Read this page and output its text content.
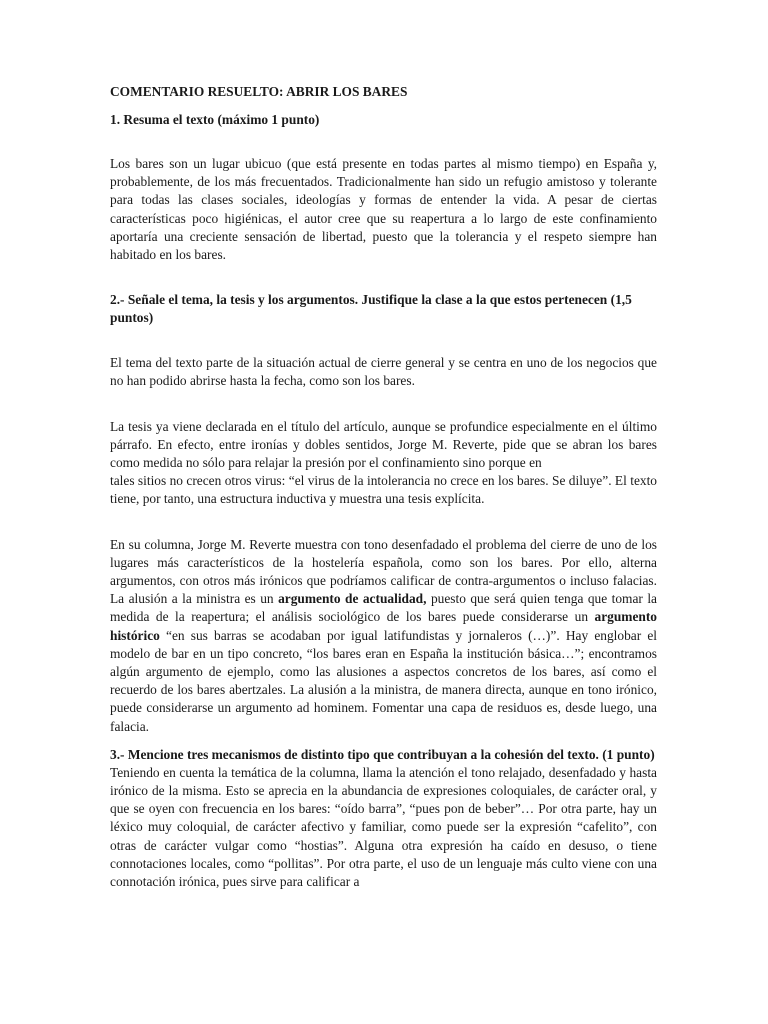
COMENTARIO RESUELTO: ABRIR LOS BARES
1. Resuma el texto (máximo 1 punto)

Los bares son un lugar ubicuo (que está presente en todas partes al mismo tiempo) en España y, probablemente, de los más frecuentados. Tradicionalmente han sido un refugio amistoso y tolerante para todas las clases sociales, ideologías y formas de entender la vida. A pesar de ciertas características poco higiénicas, el autor cree que su reapertura a lo largo de este confinamiento aportaría una creciente sensación de libertad, puesto que la tolerancia y el respeto siempre han habitado en los bares.

2.- Señale el tema, la tesis y los argumentos. Justifique la clase a la que estos pertenecen (1,5 puntos)

El tema del texto parte de la situación actual de cierre general y se centra en uno de los negocios que no han podido abrirse hasta la fecha, como son los bares.

La tesis ya viene declarada en el título del artículo, aunque se profundice especialmente en el último párrafo. En efecto, entre ironías y dobles sentidos, Jorge M. Reverte, pide que se abran los bares como medida no sólo para relajar la presión por el confinamiento sino porque en
tales sitios no crecen otros virus: “el virus de la intolerancia no crece en los bares. Se diluye”. El texto tiene, por tanto, una estructura inductiva y muestra una tesis explícita.

En su columna, Jorge M. Reverte muestra con tono desenfadado el problema del cierre de uno de los lugares más característicos de la hostelería española, como son los bares. Por ello, alterna argumentos, con otros más irónicos que podríamos calificar de contra-argumentos o incluso falacias. La alusión a la ministra es un argumento de actualidad, puesto que será quien tenga que tomar la medida de la reapertura; el análisis sociológico de los bares puede considerarse un argumento histórico “en sus barras se acodaban por igual latifundistas y jornaleros (…)”. Hay englobar el modelo de bar en un tipo concreto, “los bares eran en España la institución básica…”; encontramos algún argumento de ejemplo, como las alusiones a aspectos concretos de los bares, así como el recuerdo de los bares abertzales. La alusión a la ministra, de manera directa, aunque en tono irónico, puede considerarse un argumento ad hominem. Fomentar una capa de residuos es, desde luego, una falacia.

3.- Mencione tres mecanismos de distinto tipo que contribuyan a la cohesión del texto. (1 punto)

Teniendo en cuenta la temática de la columna, llama la atención el tono relajado, desenfadado y hasta irónico de la misma. Esto se aprecia en la abundancia de expresiones coloquiales, de carácter oral, y que se oyen con frecuencia en los bares: “oído barra”, “pues pon de beber”… Por otra parte, hay un léxico muy coloquial, de carácter afectivo y familiar, como puede ser la expresión “cafelito”, con otras de carácter vulgar como “hostias”. Alguna otra expresión ha caído en desuso, o tiene connotaciones locales, como “pollitas”. Por otra parte, el uso de un lenguaje más culto viene con una connotación irónica, pues sirve para calificar a
